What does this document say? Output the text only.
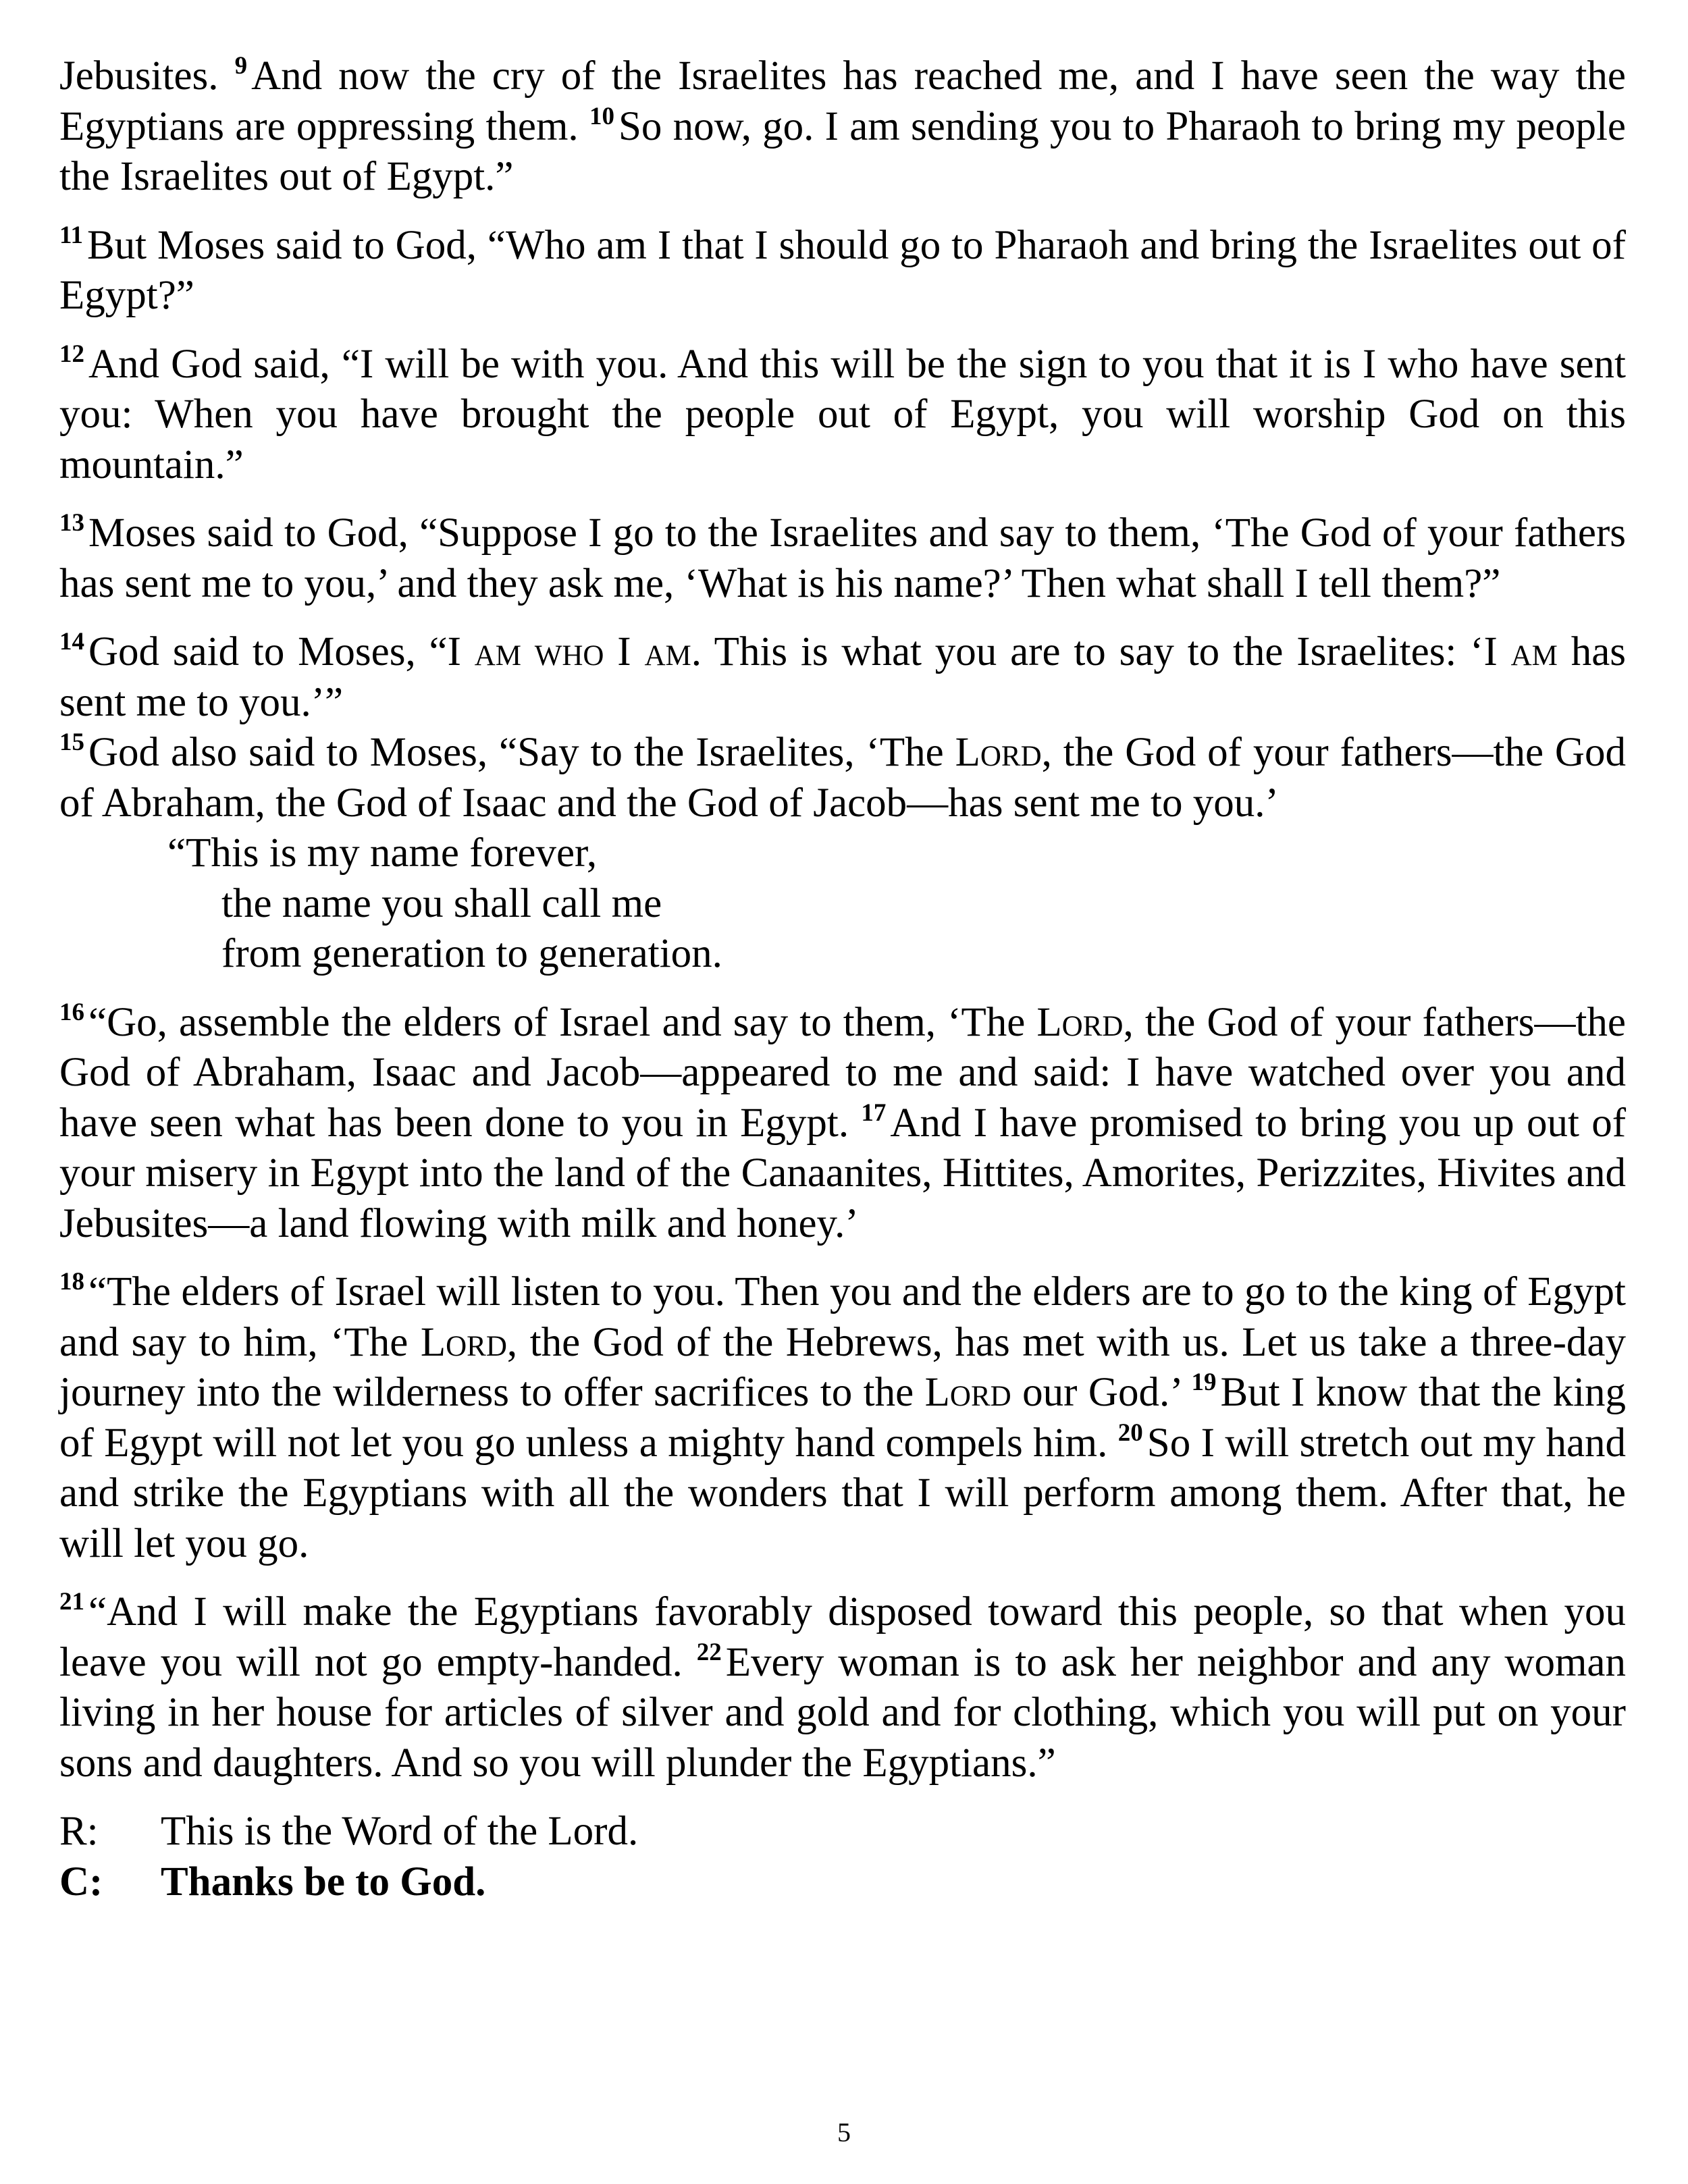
Jebusites. $^9$And now the cry of the Israelites has reached me, and I have seen the way the Egyptians are oppressing them. $^{10}$So now, go. I am sending you to Pharaoh to bring my people the Israelites out of Egypt.”

$^{11}$But Moses said to God, “Who am I that I should go to Pharaoh and bring the Israelites out of Egypt?”

$^{12}$And God said, “I will be with you. And this will be the sign to you that it is I who have sent you: When you have brought the people out of Egypt, you will worship God on this mountain.”

$^{13}$Moses said to God, “Suppose I go to the Israelites and say to them, ‘The God of your fathers has sent me to you,’ and they ask me, ‘What is his name?’ Then what shall I tell them?”

$^{14}$God said to Moses, “I am who I am. This is what you are to say to the Israelites: ‘I am has sent me to you.’”

$^{15}$God also said to Moses, “Say to the Israelites, ‘The Lord, the God of your fathers—the God of Abraham, the God of Isaac and the God of Jacob—has sent me to you.’

“This is my name forever,
the name you shall call me
from generation to generation.

$^{16}$“Go, assemble the elders of Israel and say to them, ‘The Lord, the God of your fathers—the God of Abraham, Isaac and Jacob—appeared to me and said: I have watched over you and have seen what has been done to you in Egypt. $^{17}$And I have promised to bring you up out of your misery in Egypt into the land of the Canaanites, Hittites, Amorites, Perizzites, Hivites and Jebusites—a land flowing with milk and honey.’

$^{18}$“The elders of Israel will listen to you. Then you and the elders are to go to the king of Egypt and say to him, ‘The Lord, the God of the Hebrews, has met with us. Let us take a three-day journey into the wilderness to offer sacrifices to the Lord our God.’ $^{19}$But I know that the king of Egypt will not let you go unless a mighty hand compels him. $^{20}$So I will stretch out my hand and strike the Egyptians with all the wonders that I will perform among them. After that, he will let you go.

$^{21}$“And I will make the Egyptians favorably disposed toward this people, so that when you leave you will not go empty-handed. $^{22}$Every woman is to ask her neighbor and any woman living in her house for articles of silver and gold and for clothing, which you will put on your sons and daughters. And so you will plunder the Egyptians.”

R:	This is the Word of the Lord.
C:	Thanks be to God.
5
